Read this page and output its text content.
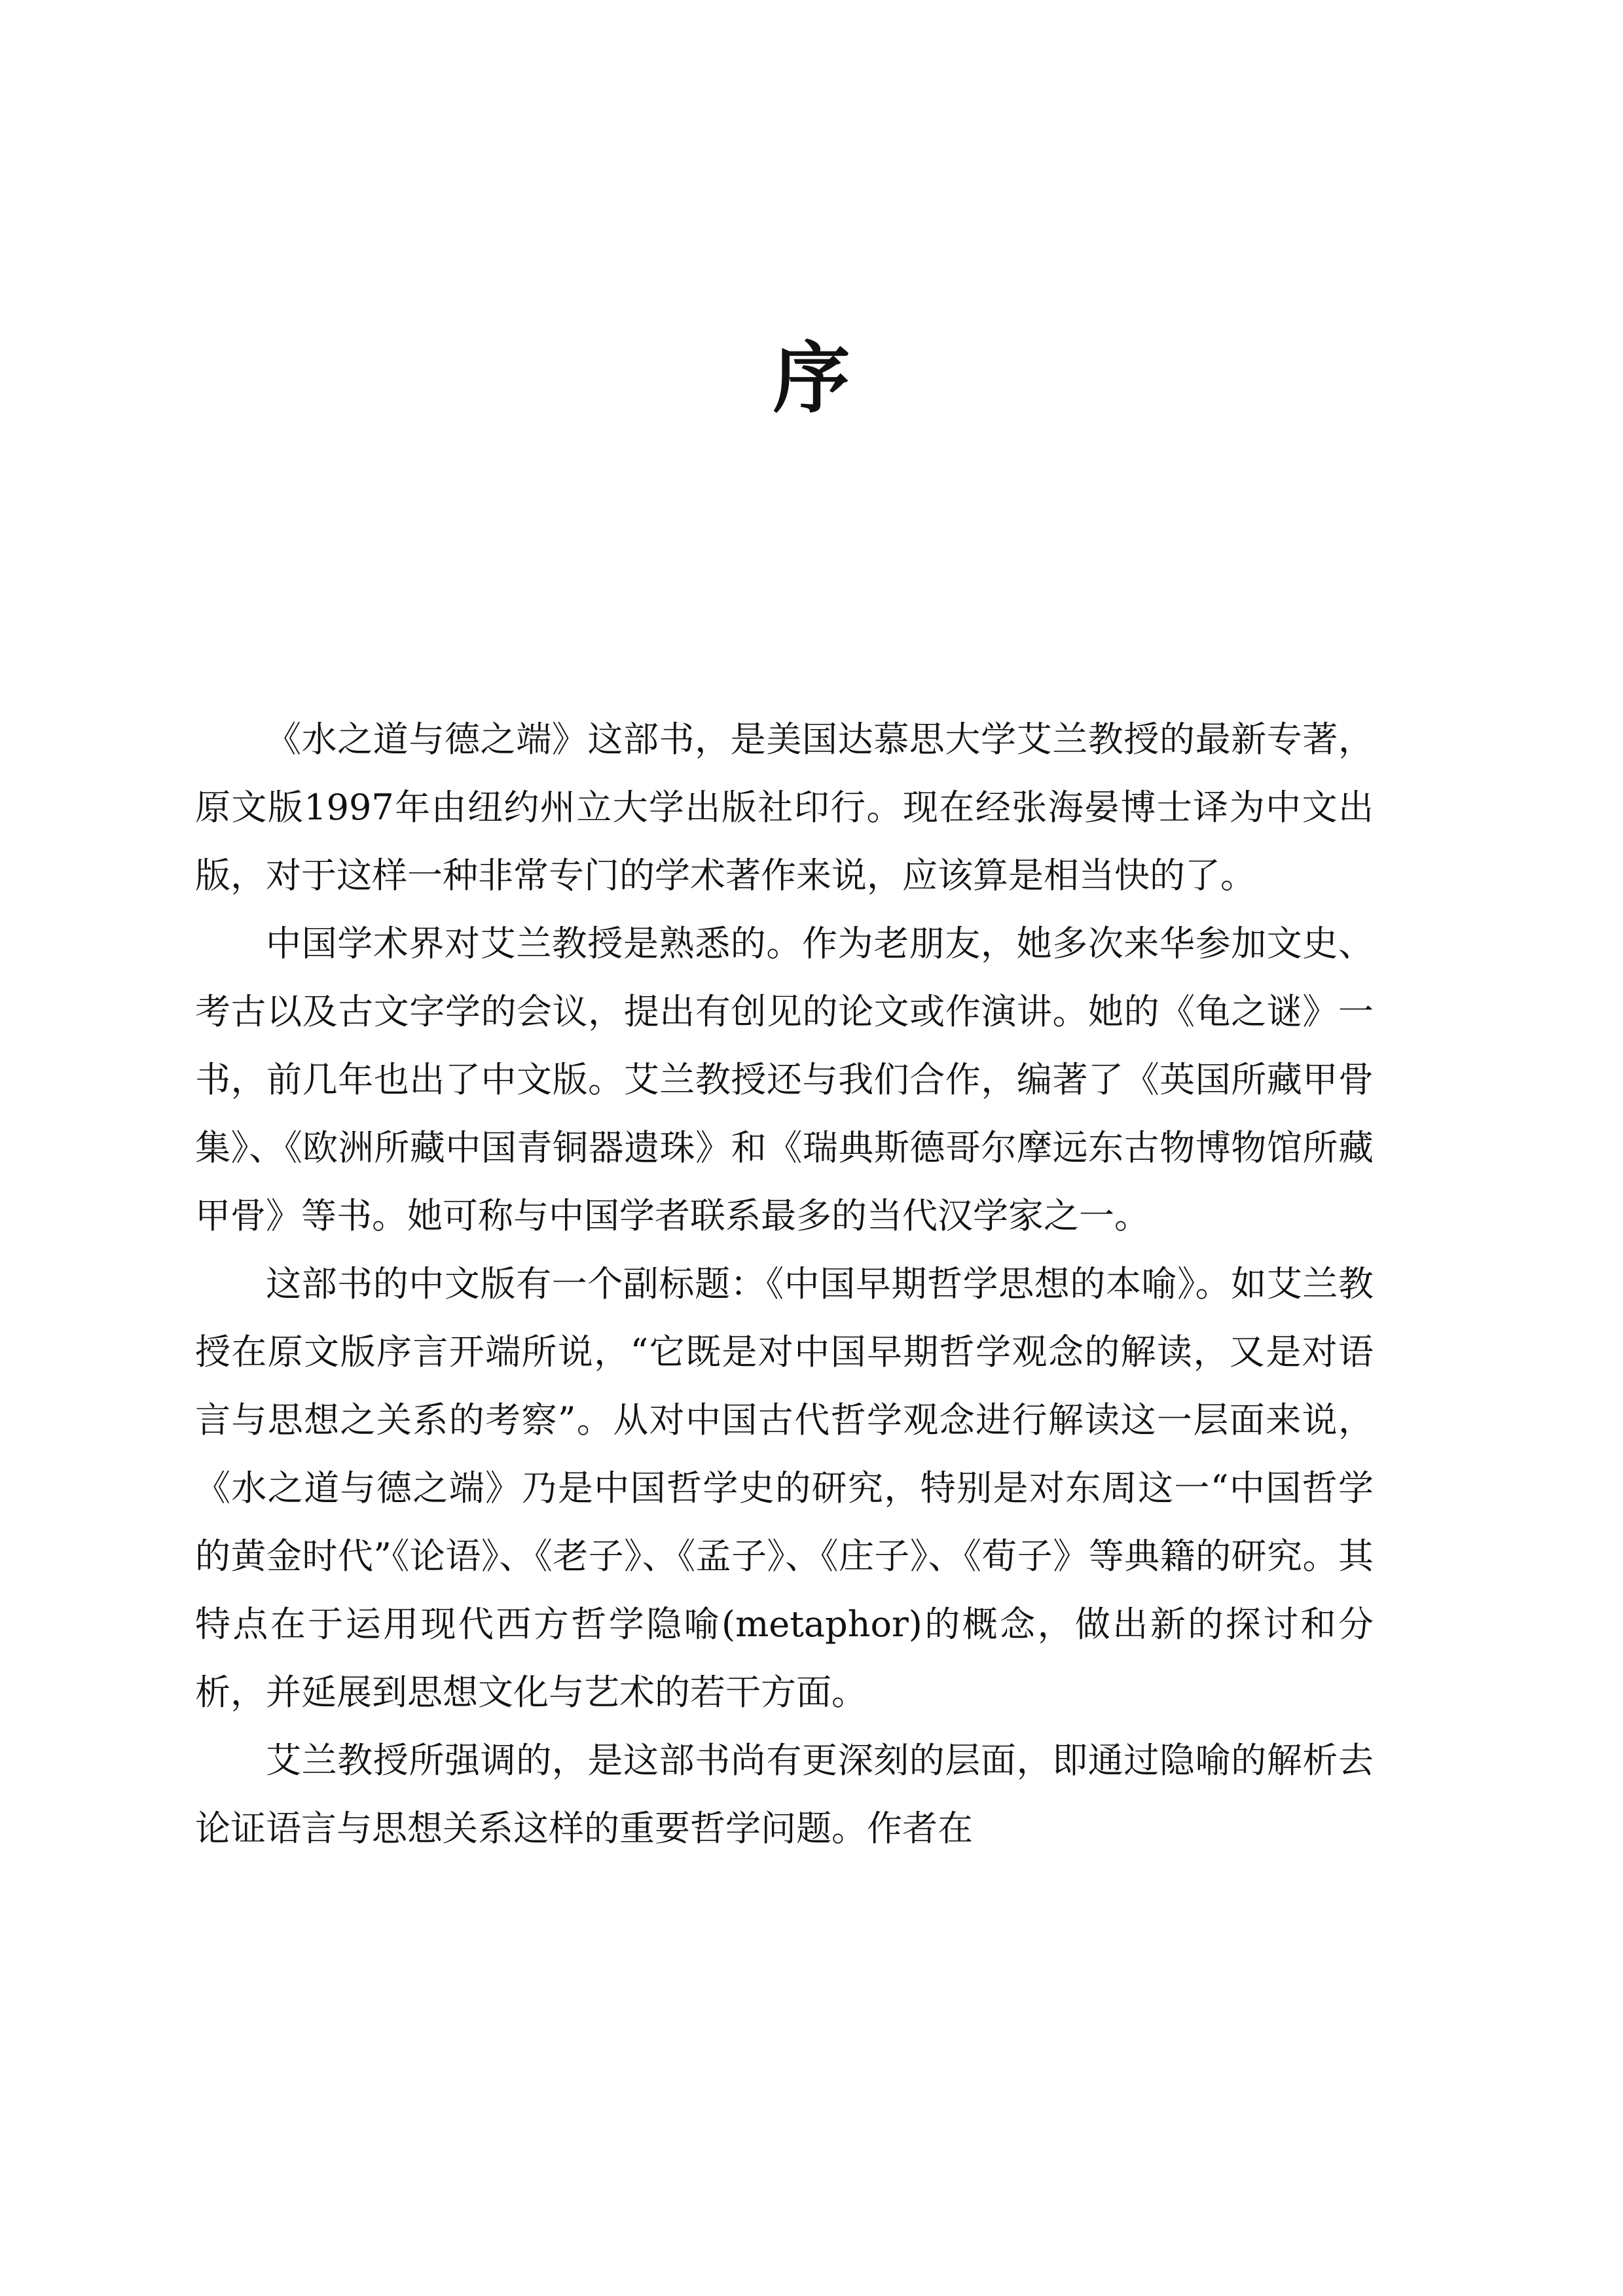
序

《水之道与德之端》这部书，是美国达慕思大学艾兰教授的最新专著，原文版1997年由纽约州立大学出版社印行。现在经张海晏博士译为中文出版，对于这样一种非常专门的学术著作来说，应该算是相当快的了。

中国学术界对艾兰教授是熟悉的。作为老朋友，她多次来华参加文史、考古以及古文字学的会议，提出有创见的论文或作演讲。她的《龟之谜》一书，前几年也出了中文版。艾兰教授还与我们合作，编著了《英国所藏甲骨集》、《欧洲所藏中国青铜器遗珠》和《瑞典斯德哥尔摩远东古物博物馆所藏甲骨》等书。她可称与中国学者联系最多的当代汉学家之一。

这部书的中文版有一个副标题：《中国早期哲学思想的本喻》。如艾兰教授在原文版序言开端所说，“它既是对中国早期哲学观念的解读，又是对语言与思想之关系的考察”。从对中国古代哲学观念进行解读这一层面来说，《水之道与德之端》乃是中国哲学史的研究，特别是对东周这一“中国哲学的黄金时代”《论语》、《老子》、《孟子》、《庄子》、《荀子》等典籍的研究。其特点在于运用现代西方哲学隐喻(metaphor)的概念，做出新的探讨和分析，并延展到思想文化与艺术的若干方面。

艾兰教授所强调的，是这部书尚有更深刻的层面，即通过隐喻的解析去论证语言与思想关系这样的重要哲学问题。作者在
